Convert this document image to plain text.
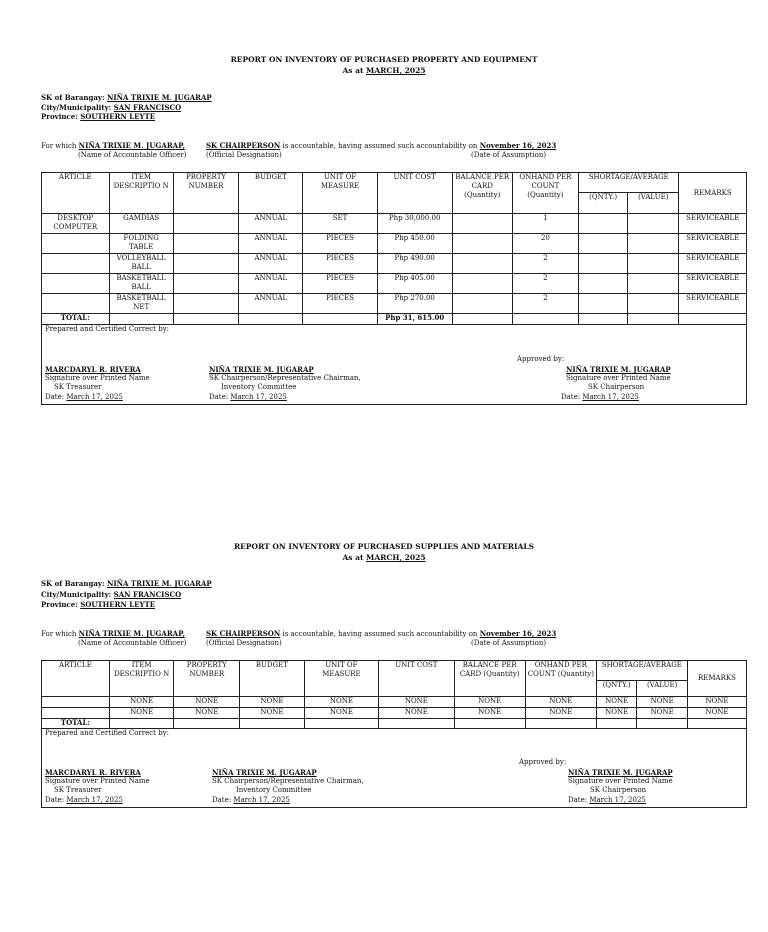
REPORT ON INVENTORY OF PURCHASED PROPERTY AND EQUIPMENT
As at MARCH, 2025
SK of Barangay: NIÑA TRIXIE M. JUGARAP
City/Municipality: SAN FRANCISCO
Province: SOUTHERN LEYTE
For which NIÑA TRIXIE M. JUGARAP,	SK CHAIRPERSON is accountable, having assumed such accountability on November 16, 2023
(Name of Accountable Officer)	(Official Designation)	(Date of Assumption)
ARTICLE	ITEM DESCRIPTIO N	PROPERTY NUMBER	BUDGET	UNIT OF MEASURE	UNIT COST	BALANCE PER CARD (Quantity)	ONHAND PER COUNT (Quantity)	SHORTAGE/AVERAGE		REMARKS
								(QNTY.)	(VALUE)	
DESKTOP COMPUTER	GAMDIAS		ANNUAL	SET	Php 30,000.00		1			SERVICEABLE
	FOLDING TABLE		ANNUAL	PIECES	Php 450.00		20			SERVICEABLE
	VOLLEYBALL BALL		ANNUAL	PIECES	Php 490.00		2			SERVICEABLE
	BASKETBALL BALL		ANNUAL	PIECES	Php 405.00		2			SERVICEABLE
	BASKETBALL NET		ANNUAL	PIECES	Php 270.00		2			SERVICEABLE
TOTAL:					Php 31, 615.00					
Prepared and Certified Correct by:
Approved by:
MARCDARYL R. RIVERA
Signature over Printed Name
SK Treasurer
Date: March 17, 2025
NIÑA TRIXIE M. JUGARAP
SK Chairperson/Representative Chairman,
Inventory Committee
Date: March 17, 2025
NIÑA TRIXIE M. JUGARAP
Signature over Printed Name
SK Chairperson
Date: March 17, 2025
REPORT ON INVENTORY OF PURCHASED SUPPLIES AND MATERIALS
As at MARCH, 2025
SK of Barangay: NIÑA TRIXIE M. JUGARAP
City/Municipality: SAN FRANCISCO
Province: SOUTHERN LEYTE
For which NIÑA TRIXIE M. JUGARAP,	SK CHAIRPERSON is accountable, having assumed such accountability on November 16, 2023
(Name of Accountable Officer)	(Official Designation)	(Date of Assumption)
ARTICLE	ITEM DESCRIPTIO N	PROPERTY NUMBER	BUDGET	UNIT OF MEASURE	UNIT COST	BALANCE PER CARD (Quantity)	ONHAND PER COUNT (Quantity)	SHORTAGE/AVERAGE		REMARKS
								(QNTY.)	(VALUE)	
	NONE	NONE	NONE	NONE	NONE	NONE	NONE	NONE	NONE	NONE
	NONE	NONE	NONE	NONE	NONE	NONE	NONE	NONE	NONE	NONE
TOTAL:										
Prepared and Certified Correct by:
Approved by:
MARCDARYL R. RIVERA
Signature over Printed Name
SK Treasurer
Date: March 17, 2025
NIÑA TRIXIE M. JUGARAP
SK Chairperson/Representative Chairman,
Inventory Committee
Date: March 17, 2025
NIÑA TRIXIE M. JUGARAP
Signature over Printed Name
SK Chairperson
Date: March 17, 2025
